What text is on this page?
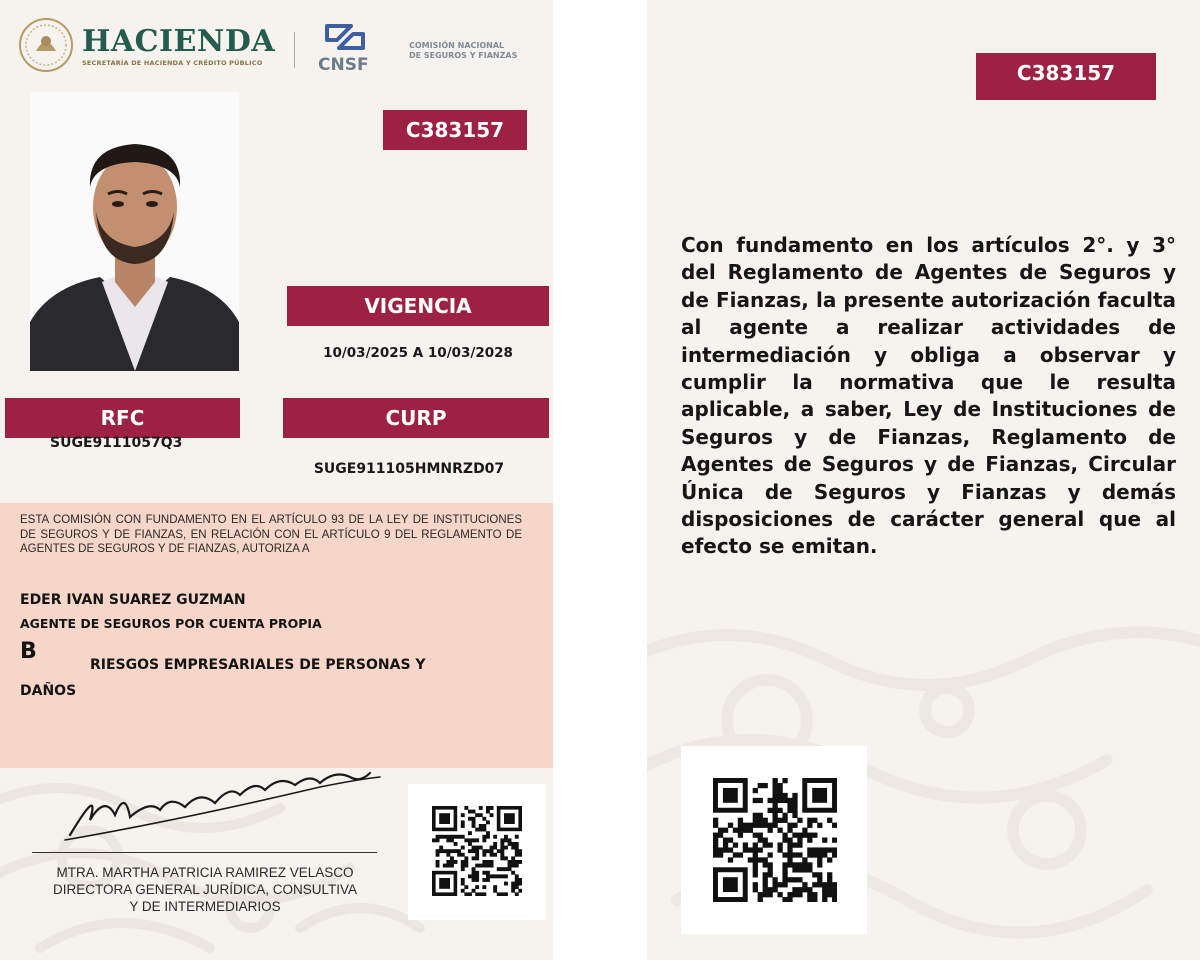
HACIENDA
SECRETARÍA DE HACIENDA Y CRÉDITO PÚBLICO	CNSF
COMISIÓN NACIONAL
DE SEGUROS Y FIANZAS
C383157
VIGENCIA
10/03/2025 A 10/03/2028
RFC
SUGE9111057Q3
CURP
SUGE911105HMNRZD07
ESTA COMISIÓN CON FUNDAMENTO EN EL ARTÍCULO 93 DE LA LEY DE INSTITUCIONES DE SEGUROS Y DE FIANZAS, EN RELACIÓN CON EL ARTÍCULO 9 DEL REGLAMENTO DE AGENTES DE SEGUROS Y DE FIANZAS, AUTORIZA A
EDER IVAN SUAREZ GUZMAN
AGENTE DE SEGUROS POR CUENTA PROPIA
B
RIESGOS EMPRESARIALES DE PERSONAS Y
DAÑOS
MTRA. MARTHA PATRICIA RAMIREZ VELASCO
DIRECTORA GENERAL JURÍDICA, CONSULTIVA
Y DE INTERMEDIARIOS
C383157
Con fundamento en los artículos 2°. y 3° del Reglamento de Agentes de Seguros y de Fianzas, la presente autorización faculta al agente a realizar actividades de intermediación y obliga a observar y cumplir la normativa que le resulta aplicable, a saber, Ley de Instituciones de Seguros y de Fianzas, Reglamento de Agentes de Seguros y de Fianzas, Circular Única de Seguros y Fianzas y demás disposiciones de carácter general que al efecto se emitan.
